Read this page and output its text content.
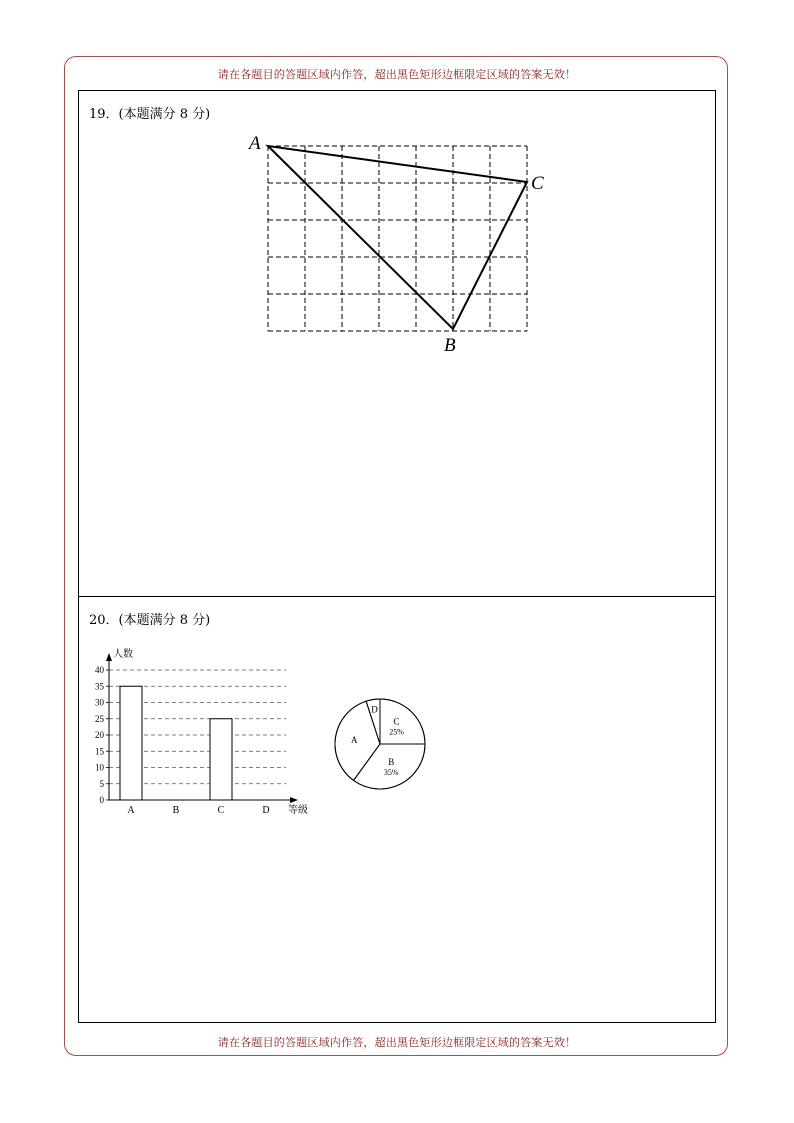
请在各题目的答题区域内作答，超出黑色矩形边框限定区域的答案无效！
19．(本题满分 8 分)
A
B
C
20．(本题满分 8 分)
0
5
10
15
20
25
30
35
40
人数
等级
A	B	C	D
C
25%
B
35%
A
D
请在各题目的答题区域内作答，超出黑色矩形边框限定区域的答案无效！
